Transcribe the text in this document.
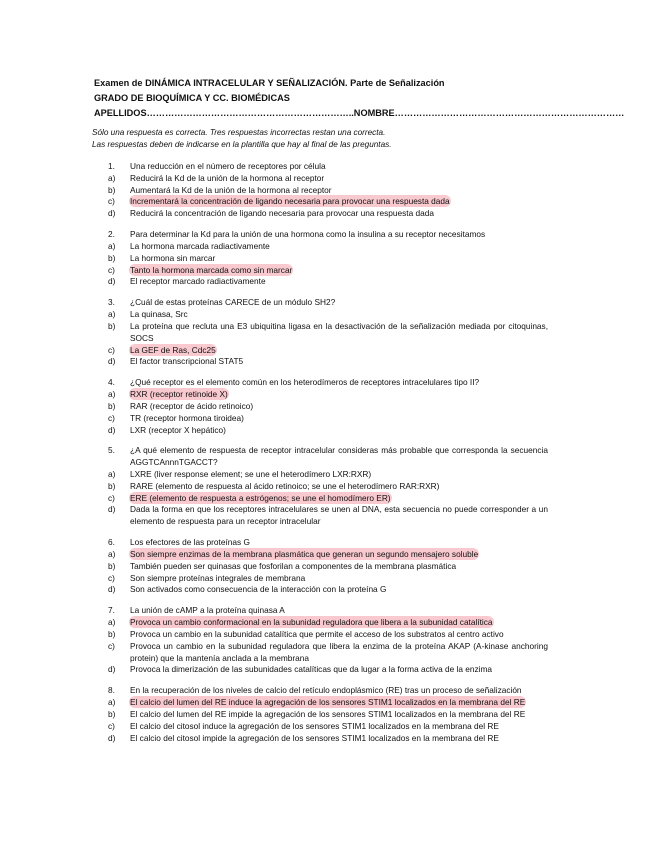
Examen de DINÁMICA INTRACELULAR Y SEÑALIZACIÓN. Parte de Señalización
GRADO DE BIOQUÍMICA Y CC. BIOMÉDICAS
APELLIDOS…………………………………………………………..NOMBRE…………………………………………………………………
Sólo una respuesta es correcta. Tres respuestas incorrectas restan una correcta.
Las respuestas deben de indicarse en la plantilla que hay al final de las preguntas.
1.	Una reducción en el número de receptores por célula
a)	Reducirá la Kd de la unión de la hormona al receptor
b)	Aumentará la Kd de la unión de la hormona al receptor
c)	Incrementará la concentración de ligando necesaria para provocar una respuesta dada
d)	Reducirá la concentración de ligando necesaria para provocar una respuesta dada
2.	Para determinar la Kd para la unión de una hormona como la insulina a su receptor necesitamos
a)	La hormona marcada radiactivamente
b)	La hormona sin marcar
c)	Tanto la hormona marcada como sin marcar
d)	El receptor marcado radiactivamente
3.	¿Cuál de estas proteínas CARECE de un módulo SH2?
a)	La quinasa, Src
b)	La proteína que recluta una E3 ubiquitina ligasa en la desactivación de la señalización mediada por citoquinas, SOCS
c)	La GEF de Ras, Cdc25
d)	El factor transcripcional STAT5
4.	¿Qué receptor es el elemento común en los heterodímeros de receptores intracelulares tipo II?
a)	RXR (receptor retinoide X)
b)	RAR (receptor de ácido retinoico)
c)	TR (receptor hormona tiroidea)
d)	LXR (receptor X hepático)
5.	¿A qué elemento de respuesta de receptor intracelular consideras más probable que corresponda la secuencia AGGTCAnnnTGACCT?
a)	LXRE (liver response element; se une el heterodímero LXR:RXR)
b)	RARE (elemento de respuesta al ácido retinoico; se une el heterodímero RAR:RXR)
c)	ERE (elemento de respuesta a estrógenos; se une el homodímero ER)
d)	Dada la forma en que los receptores intracelulares se unen al DNA, esta secuencia no puede corresponder a un elemento de respuesta para un receptor intracelular
6.	Los efectores de las proteínas G
a)	Son siempre enzimas de la membrana plasmática que generan un segundo mensajero soluble
b)	También pueden ser quinasas que fosforilan a componentes de la membrana plasmática
c)	Son siempre proteínas integrales de membrana
d)	Son activados como consecuencia de la interacción con la proteína G
7.	La unión de cAMP a la proteína quinasa A
a)	Provoca un cambio conformacional en la subunidad reguladora que libera a la subunidad catalítica
b)	Provoca un cambio en la subunidad catalítica que permite el acceso de los substratos al centro activo
c)	Provoca un cambio en la subunidad reguladora que libera la enzima de la proteína AKAP (A-kinase anchoring protein) que la mantenía anclada a la membrana
d)	Provoca la dimerización de las subunidades catalíticas que da lugar a la forma activa de la enzima
8.	En la recuperación de los niveles de calcio del retículo endoplásmico (RE) tras un proceso de señalización
a)	El calcio del lumen del RE induce la agregación de los sensores STIM1 localizados en la membrana del RE
b)	El calcio del lumen del RE impide la agregación de los sensores STIM1 localizados en la membrana del RE
c)	El calcio del citosol induce la agregación de los sensores STIM1 localizados en la membrana del RE
d)	El calcio del citosol impide la agregación de los sensores STIM1 localizados en la membrana del RE
